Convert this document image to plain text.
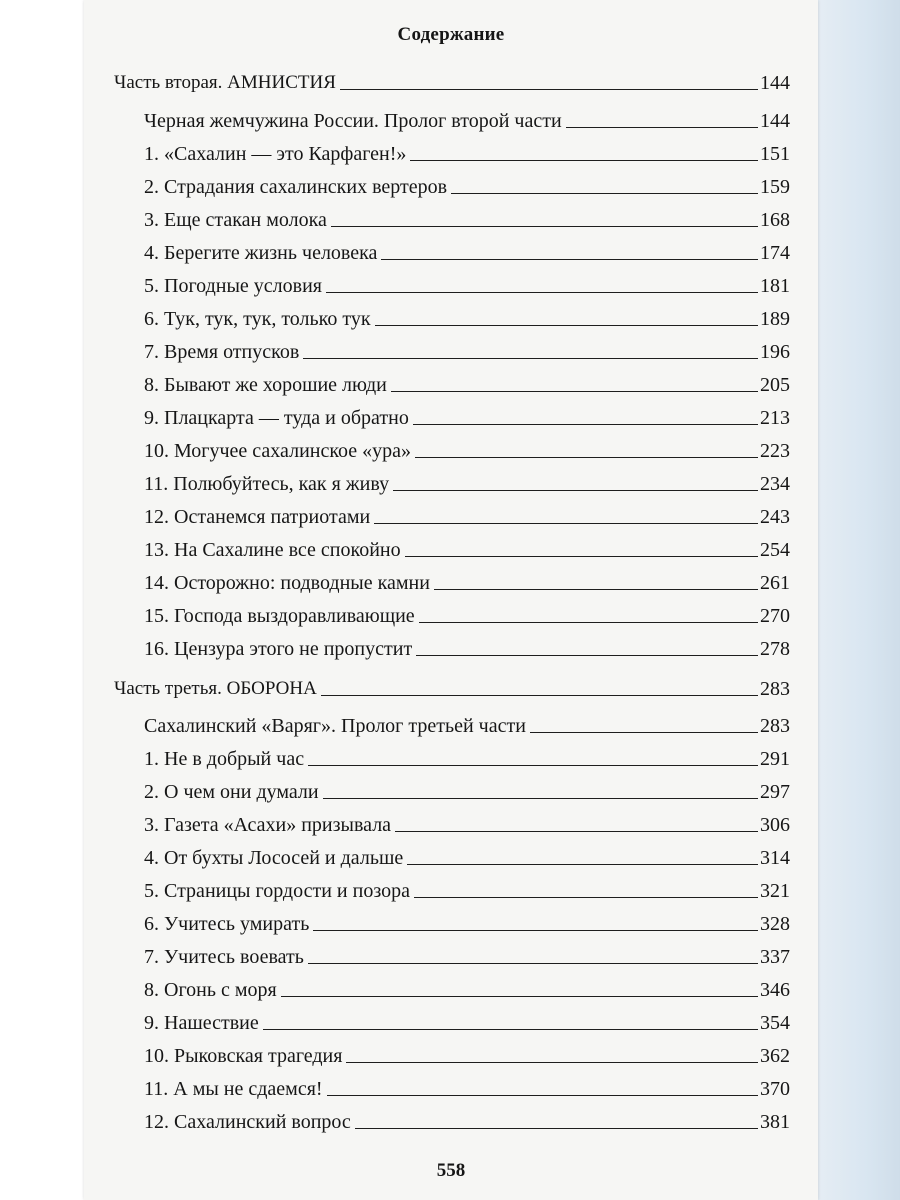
Содержание
Часть вторая. АМНИСТИЯ	144
Черная жемчужина России. Пролог второй части	144
1. «Сахалин — это Карфаген!»	151
2. Страдания сахалинских вертеров	159
3. Еще стакан молока	168
4. Берегите жизнь человека	174
5. Погодные условия	181
6. Тук, тук, тук, только тук	189
7. Время отпусков	196
8. Бывают же хорошие люди	205
9. Плацкарта — туда и обратно	213
10. Могучее сахалинское «ура»	223
11. Полюбуйтесь, как я живу	234
12. Останемся патриотами	243
13. На Сахалине все спокойно	254
14. Осторожно: подводные камни	261
15. Господа выздоравливающие	270
16. Цензура этого не пропустит	278
Часть третья. ОБОРОНА	283
Сахалинский «Варяг». Пролог третьей части	283
1. Не в добрый час	291
2. О чем они думали	297
3. Газета «Асахи» призывала	306
4. От бухты Лососей и дальше	314
5. Страницы гордости и позора	321
6. Учитесь умирать	328
7. Учитесь воевать	337
8. Огонь с моря	346
9. Нашествие	354
10. Рыковская трагедия	362
11. А мы не сдаемся!	370
12. Сахалинский вопрос	381
558
